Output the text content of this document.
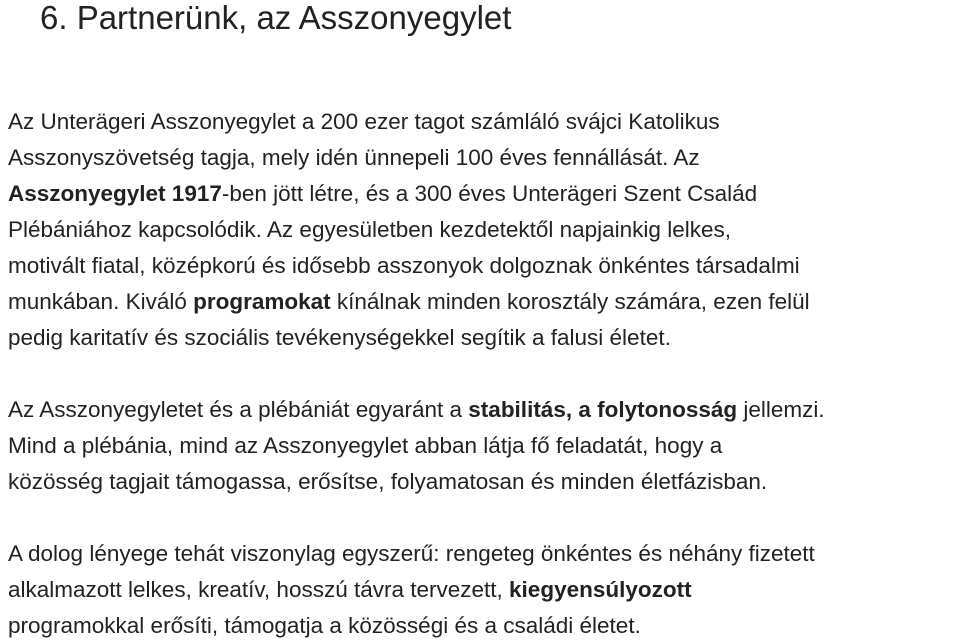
6. Partnerünk, az Asszonyegylet
Az Unterägeri Asszonyegylet a 200 ezer tagot számláló svájci Katolikus
Asszonyszövetség tagja, mely idén ünnepeli 100 éves fennállását. Az
Asszonyegylet 1917-ben jött létre, és a 300 éves Unterägeri Szent Család
Plébániához kapcsolódik. Az egyesületben kezdetektől napjainkig lelkes,
motivált fiatal, középkorú és idősebb asszonyok dolgoznak önkéntes társadalmi
munkában. Kiváló programokat kínálnak minden korosztály számára, ezen felül
pedig karitatív és szociális tevékenységekkel segítik a falusi életet.
Az Asszonyegyletet és a plébániát egyaránt a stabilitás, a folytonosság jellemzi.
Mind a plébánia, mind az Asszonyegylet abban látja fő feladatát, hogy a
közösség tagjait támogassa, erősítse, folyamatosan és minden életfázisban.
A dolog lényege tehát viszonylag egyszerű: rengeteg önkéntes és néhány fizetett
alkalmazott lelkes, kreatív, hosszú távra tervezett, kiegyensúlyozott
programokkal erősíti, támogatja a közösségi és a családi életet.
